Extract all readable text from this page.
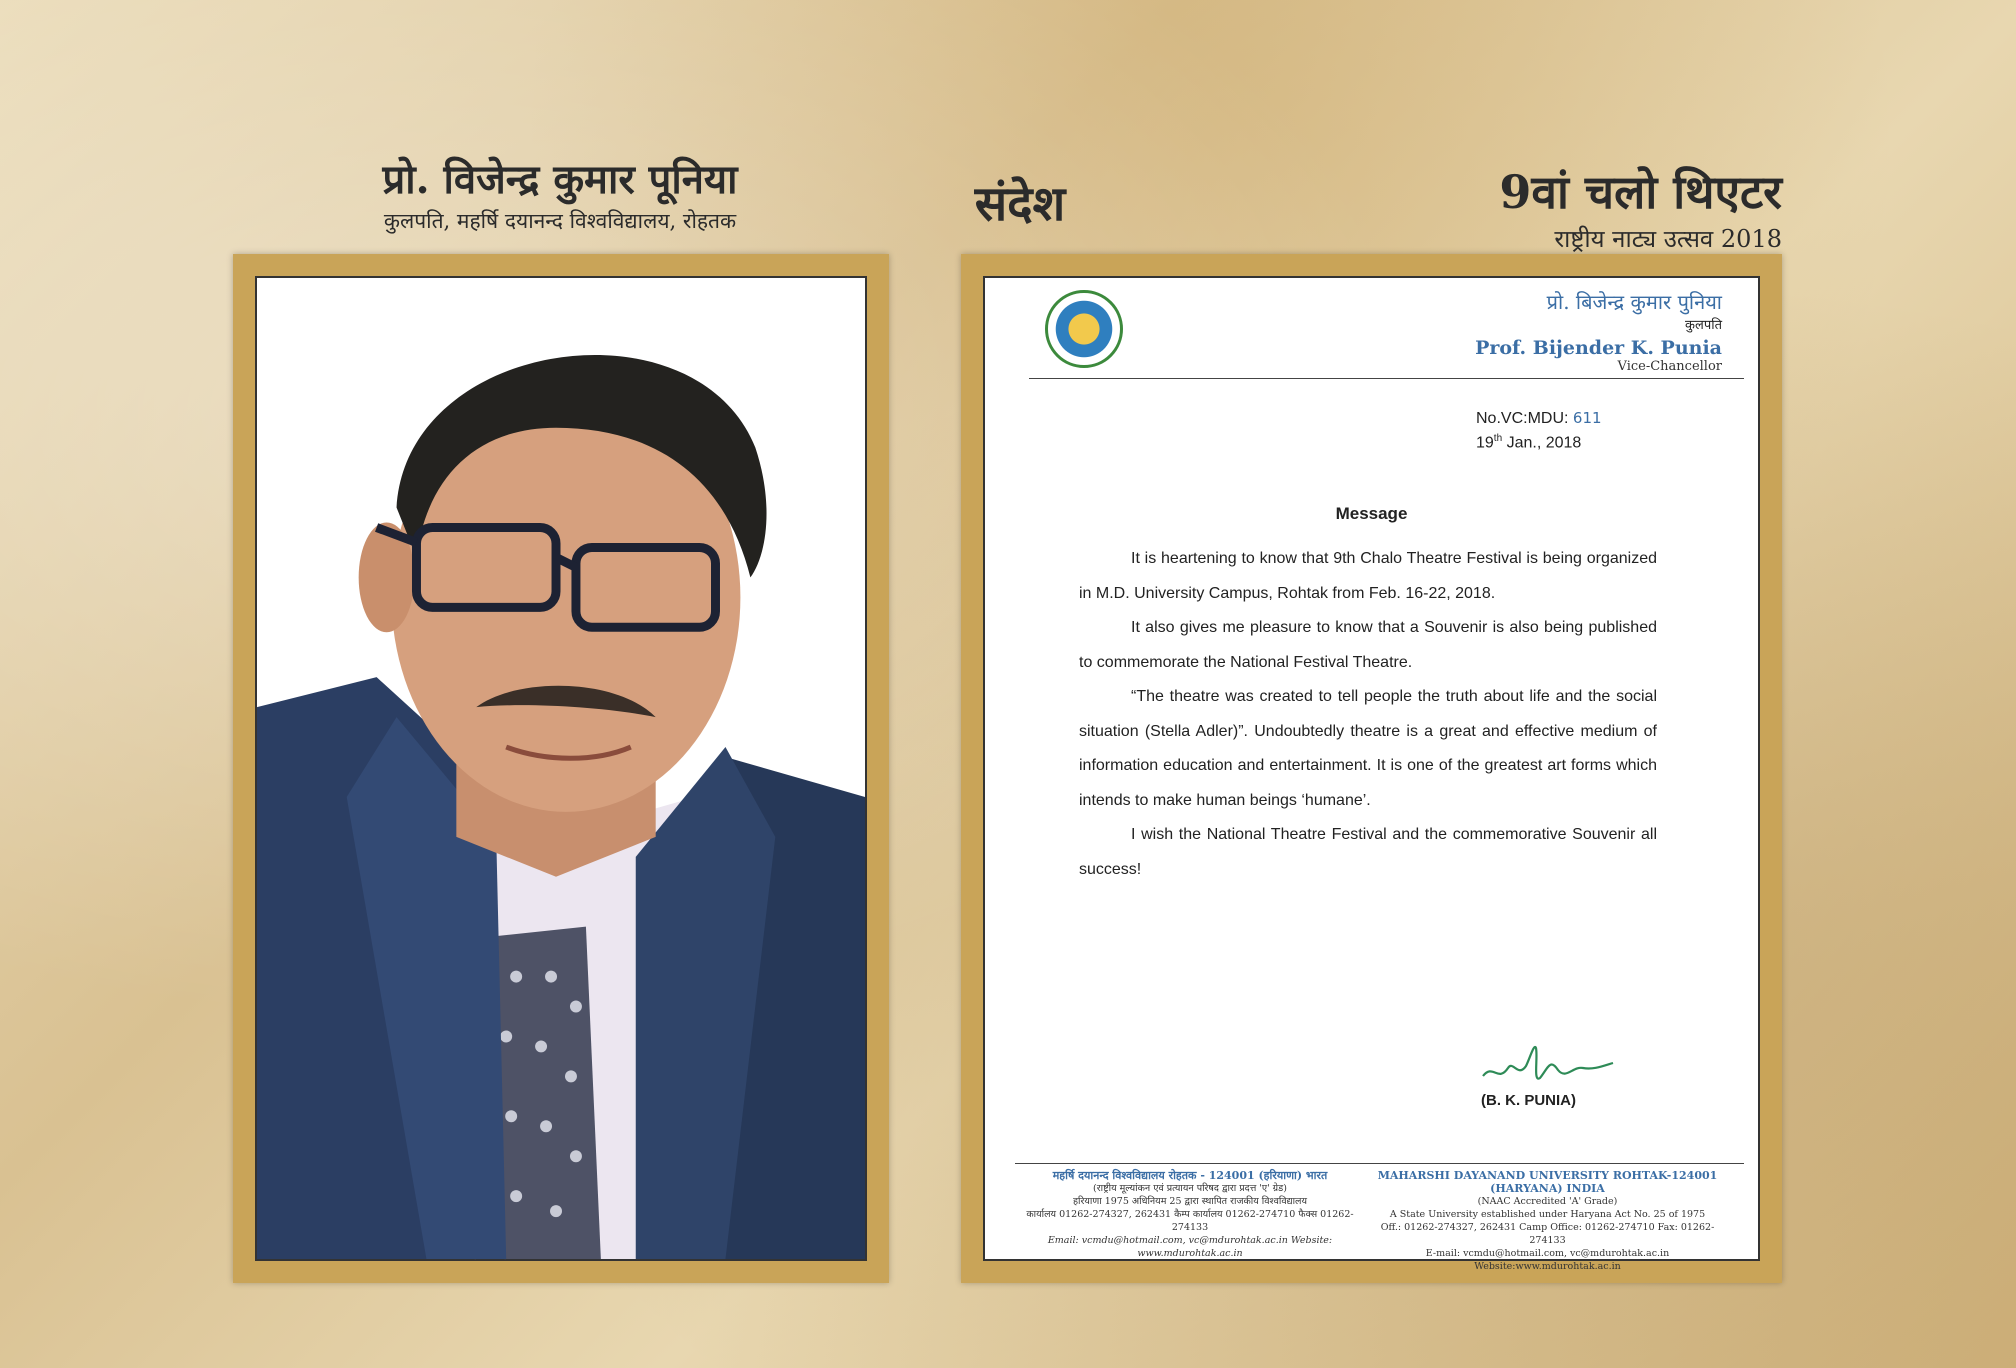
प्रो. विजेन्द्र कुमार पूनिया
कुलपति, महर्षि दयानन्द विश्वविद्यालय, रोहतक	संदेश	9वां चलो थिएटर
राष्ट्रीय नाट्य उत्सव 2018
प्रो. बिजेन्द्र कुमार पुनिया
कुलपति
Prof. Bijender K. Punia
Vice-Chancellor
No.VC:MDU: 611
19th Jan., 2018
Message

It is heartening to know that 9th Chalo Theatre Festival is being organized in M.D. University Campus, Rohtak from Feb. 16-22, 2018.

It also gives me pleasure to know that a Souvenir is also being published to commemorate the National Festival Theatre.

“The theatre was created to tell people the truth about life and the social situation (Stella Adler)”. Undoubtedly theatre is a great and effective medium of information education and entertainment. It is one of the greatest art forms which intends to make human beings ‘humane’.

I wish the National Theatre Festival and the commemorative Souvenir all success!

(B. K. PUNIA)
महर्षि दयानन्द विश्वविद्यालय रोहतक - 124001 (हरियाणा) भारत
(राष्ट्रीय मूल्यांकन एवं प्रत्यायन परिषद द्वारा प्रदत्त 'ए' ग्रेड)
हरियाणा 1975 अधिनियम 25 द्वारा स्थापित राजकीय विश्वविद्यालय
कार्यालय 01262-274327, 262431 कैम्प कार्यालय 01262-274710 फैक्स 01262-274133
Email: vcmdu@hotmail.com, vc@mdurohtak.ac.in Website: www.mdurohtak.ac.in
MAHARSHI DAYANAND UNIVERSITY ROHTAK-124001 (HARYANA) INDIA
(NAAC Accredited 'A' Grade)
A State University established under Haryana Act No. 25 of 1975
Off.: 01262-274327, 262431 Camp Office: 01262-274710 Fax: 01262-274133
E-mail: vcmdu@hotmail.com, vc@mdurohtak.ac.in Website:www.mdurohtak.ac.in
